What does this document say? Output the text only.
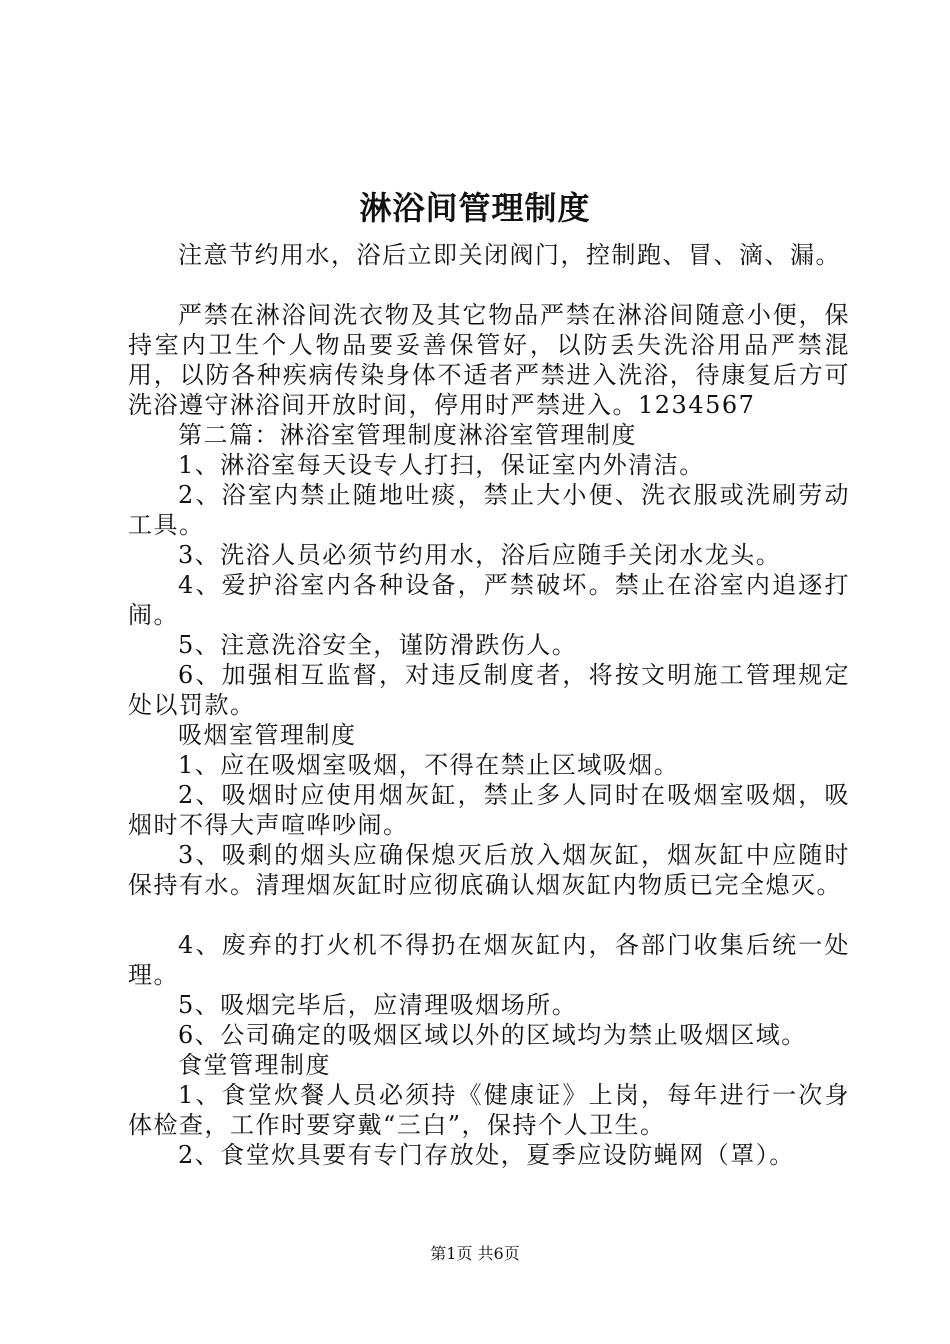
淋浴间管理制度

注意节约用水，浴后立即关闭阀门，控制跑、冒、滴、漏。

严禁在淋浴间洗衣物及其它物品严禁在淋浴间随意小便，保持室内卫生个人物品要妥善保管好，以防丢失洗浴用品严禁混用，以防各种疾病传染身体不适者严禁进入洗浴，待康复后方可洗浴遵守淋浴间开放时间，停用时严禁进入。1234567

第二篇：淋浴室管理制度淋浴室管理制度

1、淋浴室每天设专人打扫，保证室内外清洁。

2、浴室内禁止随地吐痰，禁止大小便、洗衣服或洗刷劳动工具。

3、洗浴人员必须节约用水，浴后应随手关闭水龙头。

4、爱护浴室内各种设备，严禁破坏。禁止在浴室内追逐打闹。

5、注意洗浴安全，谨防滑跌伤人。

6、加强相互监督，对违反制度者，将按文明施工管理规定处以罚款。

吸烟室管理制度

1、应在吸烟室吸烟，不得在禁止区域吸烟。

2、吸烟时应使用烟灰缸，禁止多人同时在吸烟室吸烟，吸烟时不得大声喧哗吵闹。

3、吸剩的烟头应确保熄灭后放入烟灰缸，烟灰缸中应随时保持有水。清理烟灰缸时应彻底确认烟灰缸内物质已完全熄灭。

4、废弃的打火机不得扔在烟灰缸内，各部门收集后统一处理。

5、吸烟完毕后，应清理吸烟场所。

6、公司确定的吸烟区域以外的区域均为禁止吸烟区域。

食堂管理制度

1、食堂炊餐人员必须持《健康证》上岗，每年进行一次身体检查，工作时要穿戴“三白”，保持个人卫生。

2、食堂炊具要有专门存放处，夏季应设防蝇网（罩）。

第1页 共6页
